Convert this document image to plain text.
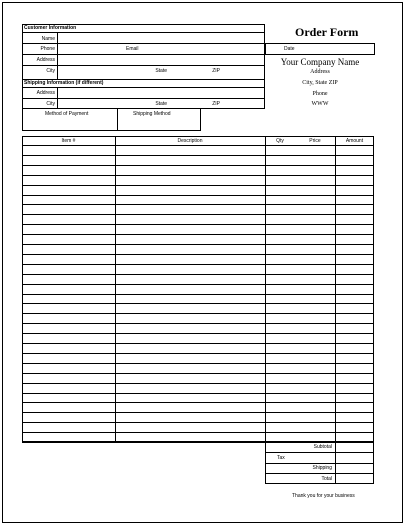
Customer Information
Name
Phone	Email
Address
City	State	ZIP
Shipping Information (if different)
Address
City	State	ZIP
Method of Payment	Shipping Method
Order Form
Date
Your Company Name
Address
City, State ZIP
Phone
WWW
Item #	Description	Qty	Price	Amount
Subtotal
Tax
Shipping
Total
Thank you for your business
